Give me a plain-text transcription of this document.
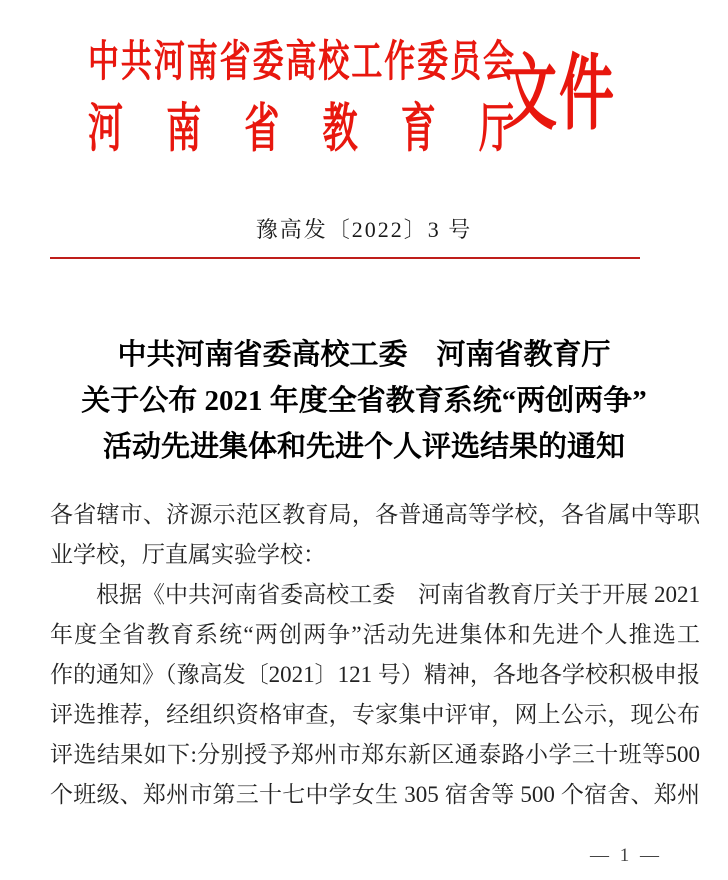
中共河南省委高校工作委员会
河南省教育厅
文件
豫高发〔2022〕3 号
中共河南省委高校工委　河南省教育厅
关于公布 2021 年度全省教育系统“两创两争”
活动先进集体和先进个人评选结果的通知
各省辖市、济源示范区教育局，各普通高等学校，各省属中等职
业学校，厅直属实验学校：
　　根据《中共河南省委高校工委　河南省教育厅关于开展 2021
年度全省教育系统“两创两争”活动先进集体和先进个人推选工
作的通知》（豫高发〔2021〕121 号）精神，各地各学校积极申报
评选推荐，经组织资格审查，专家集中评审，网上公示，现公布
评选结果如下:分别授予郑州市郑东新区通泰路小学三十班等500
个班级、郑州市第三十七中学女生 305 宿舍等 500 个宿舍、郑州
— 1 —
